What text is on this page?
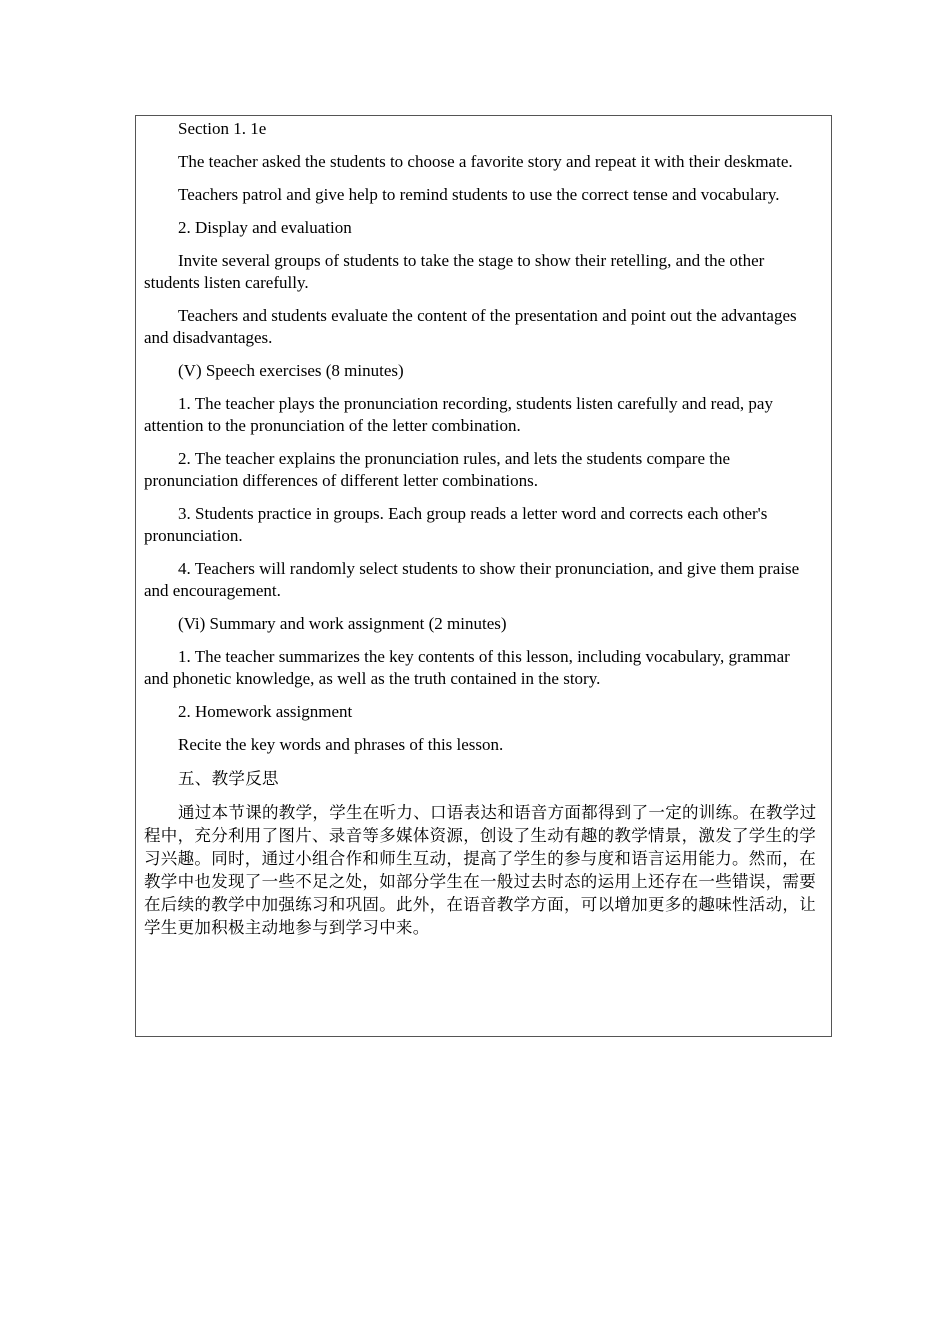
Section 1. 1e

The teacher asked the students to choose a favorite story and repeat it with their deskmate.

Teachers patrol and give help to remind students to use the correct tense and vocabulary.

2. Display and evaluation

Invite several groups of students to take the stage to show their retelling, and the other students listen carefully.

Teachers and students evaluate the content of the presentation and point out the advantages and disadvantages.

(V) Speech exercises (8 minutes)

1. The teacher plays the pronunciation recording, students listen carefully and read, pay attention to the pronunciation of the letter combination.

2. The teacher explains the pronunciation rules, and lets the students compare the pronunciation differences of different letter combinations.

3. Students practice in groups. Each group reads a letter word and corrects each other's pronunciation.

4. Teachers will randomly select students to show their pronunciation, and give them praise and encouragement.

(Vi) Summary and work assignment (2 minutes)

1. The teacher summarizes the key contents of this lesson, including vocabulary, grammar and phonetic knowledge, as well as the truth contained in the story.

2. Homework assignment

Recite the key words and phrases of this lesson.

五、教学反思

通过本节课的教学，学生在听力、口语表达和语音方面都得到了一定的训练。在教学过程中，充分利用了图片、录音等多媒体资源，创设了生动有趣的教学情景，激发了学生的学习兴趣。同时，通过小组合作和师生互动，提高了学生的参与度和语言运用能力。然而，在教学中也发现了一些不足之处，如部分学生在一般过去时态的运用上还存在一些错误，需要在后续的教学中加强练习和巩固。此外，在语音教学方面，可以增加更多的趣味性活动，让学生更加积极主动地参与到学习中来。
